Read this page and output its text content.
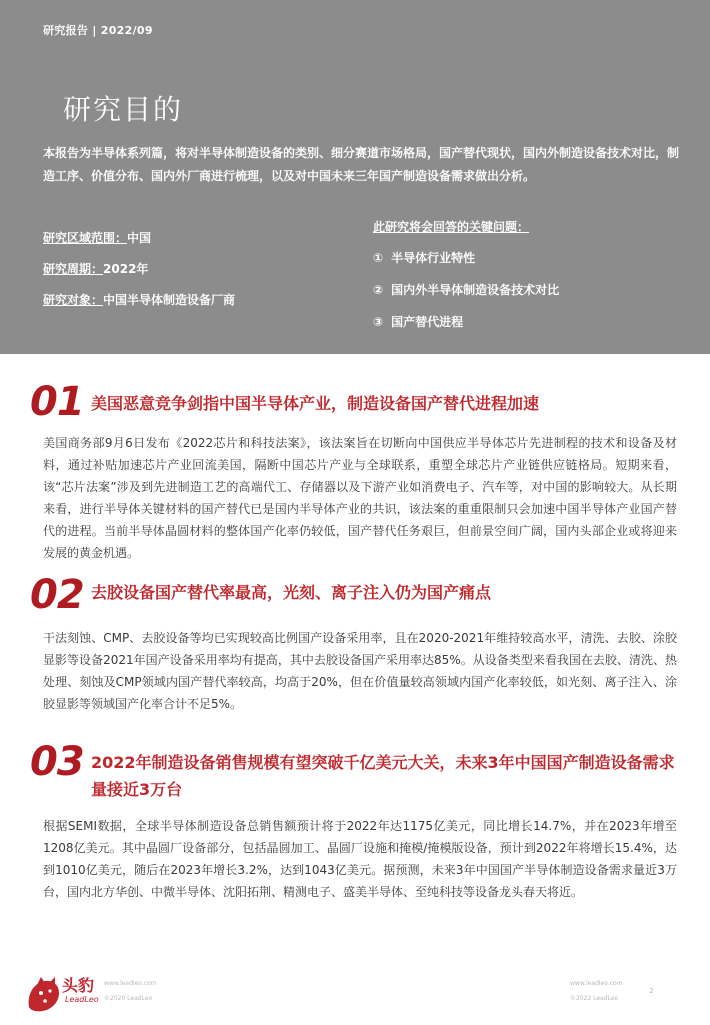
研究报告 | 2022/09
研究目的
本报告为半导体系列篇，将对半导体制造设备的类别、细分赛道市场格局，国产替代现状，国内外制造设备技术对比，制造工序、价值分布、国内外厂商进行梳理，以及对中国未来三年国产制造设备需求做出分析。
研究区域范围：中国
研究周期：2022年
研究对象：中国半导体制造设备厂商
此研究将会回答的关键问题：
① 半导体行业特性
② 国内外半导体制造设备技术对比
③ 国产替代进程
01 美国恶意竞争剑指中国半导体产业，制造设备国产替代进程加速
美国商务部9月6日发布《2022芯片和科技法案》，该法案旨在切断向中国供应半导体芯片先进制程的技术和设备及材料，通过补贴加速芯片产业回流美国，隔断中国芯片产业与全球联系，重塑全球芯片产业链供应链格局。短期来看，该“芯片法案”涉及到先进制造工艺的高端代工、存储器以及下游产业如消费电子、汽车等，对中国的影响较大。从长期来看，进行半导体关键材料的国产替代已是国内半导体产业的共识，该法案的重重限制只会加速中国半导体产业国产替代的进程。当前半导体晶圆材料的整体国产化率仍较低，国产替代任务艰巨，但前景空间广阔，国内头部企业或将迎来发展的黄金机遇。
02 去胶设备国产替代率最高，光刻、离子注入仍为国产痛点
干法刻蚀、CMP、去胶设备等均已实现较高比例国产设备采用率，且在2020-2021年维持较高水平，清洗、去胶、涂胶显影等设备2021年国产设备采用率均有提高，其中去胶设备国产采用率达85%。从设备类型来看我国在去胶、清洗、热处理、刻蚀及CMP领域内国产替代率较高，均高于20%，但在价值量较高领域内国产化率较低，如光刻、离子注入、涂胶显影等领域国产化率合计不足5%。
03 2022年制造设备销售规模有望突破千亿美元大关，未来3年中国国产制造设备需求量接近3万台
根据SEMI数据，全球半导体制造设备总销售额预计将于2022年达1175亿美元，同比增长14.7%，并在2023年增至1208亿美元。其中晶圆厂设备部分，包括晶圆加工、晶圆厂设施和掩模/掩模版设备，预计到2022年将增长15.4%，达到1010亿美元，随后在2023年增长3.2%，达到1043亿美元。据预测，未来3年中国国产半导体制造设备需求量近3万台，国内北方华创、中微半导体、沈阳拓荆、精测电子、盛美半导体、至纯科技等设备龙头春天将近。
头豹
LeadLeo
www.leadleo.com
©2020 LeadLeo
www.leadleo.com
©2022 LeadLeo
2
